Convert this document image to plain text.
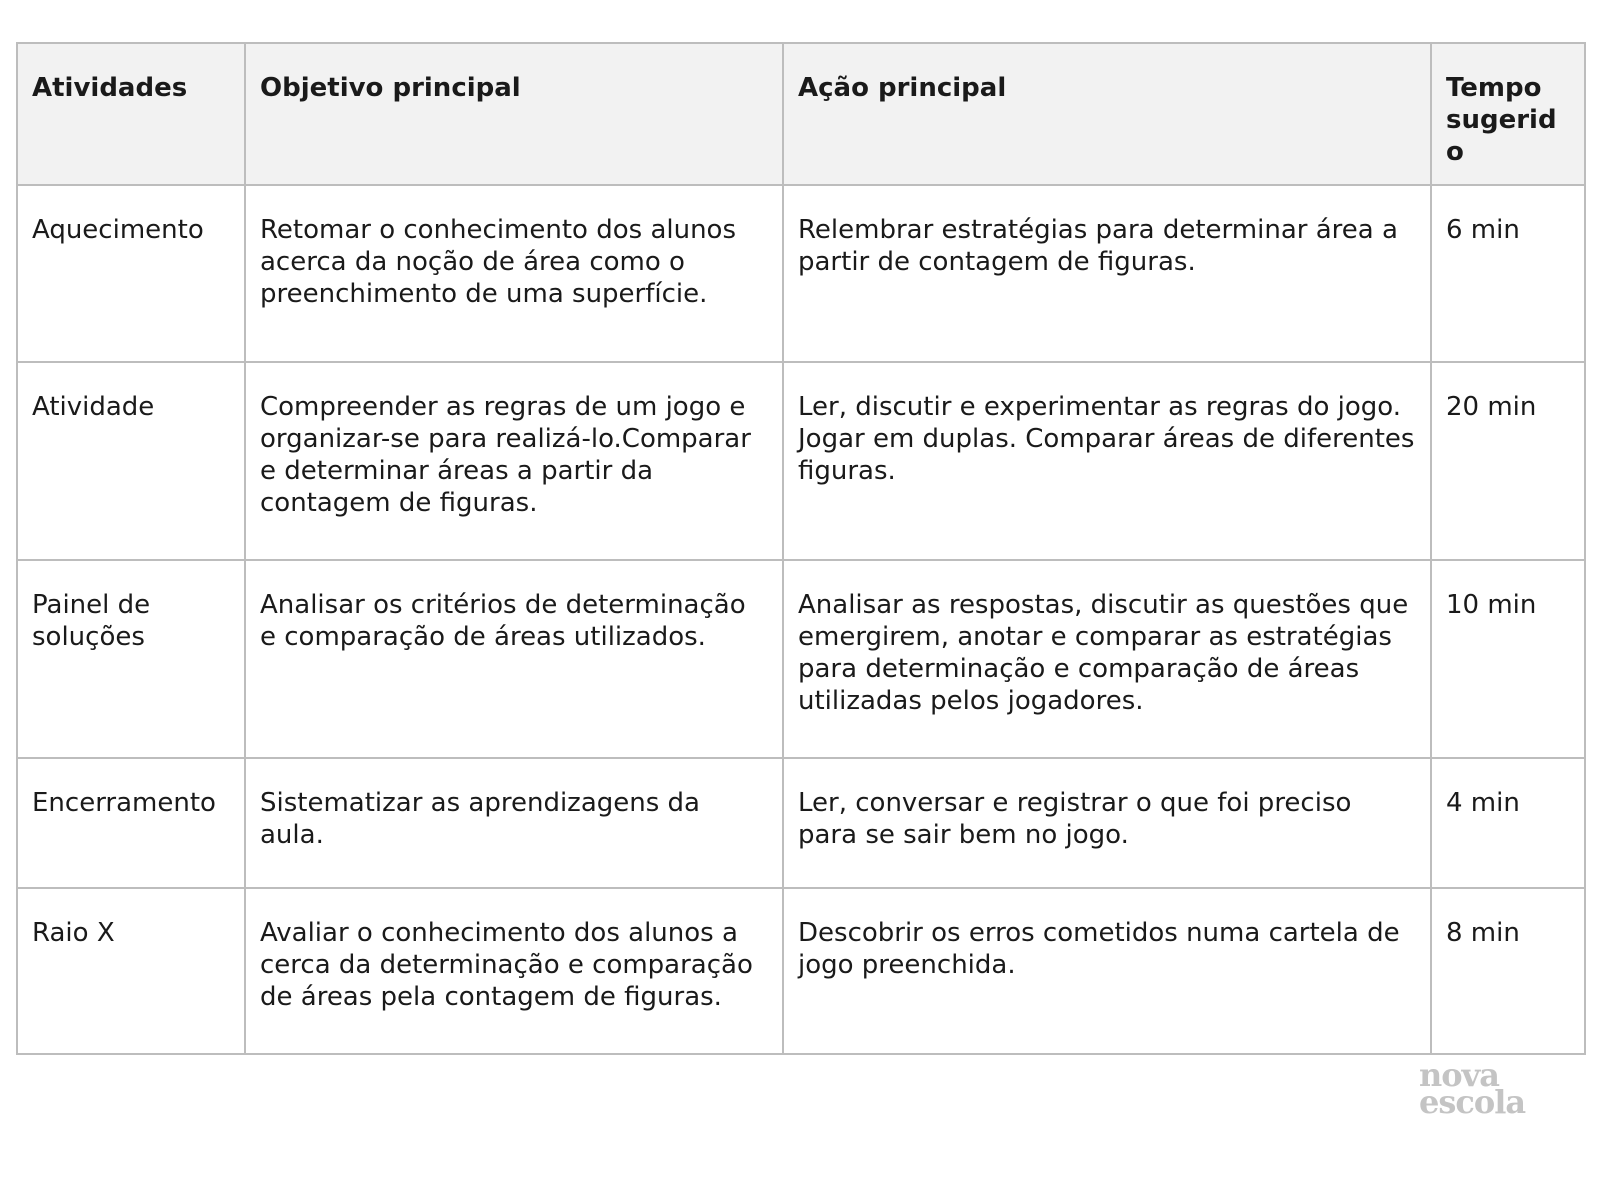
Atividades	Objetivo principal	Ação principal	Tempo sugerido
Aquecimento	Retomar o conhecimento dos alunos acerca da noção de área como o preenchimento de uma superfície.	Relembrar estratégias para determinar área a partir de contagem de figuras.	6 min
Atividade	Compreender as regras de um jogo e organizar-se para realizá-lo.Comparar e determinar áreas a partir da contagem de figuras.	Ler, discutir e experimentar as regras do jogo. Jogar em duplas. Comparar áreas de diferentes figuras.	20 min
Painel de soluções	Analisar os critérios de determinação e comparação de áreas utilizados.	Analisar as respostas, discutir as questões que emergirem, anotar e comparar as estratégias para determinação e comparação de áreas utilizadas pelos jogadores.	10 min
Encerramento	Sistematizar as aprendizagens da aula.	Ler, conversar e registrar o que foi preciso para se sair bem no jogo.	4 min
Raio X	Avaliar o conhecimento dos alunos a cerca da determinação e comparação de áreas pela contagem de figuras.	Descobrir os erros cometidos numa cartela de jogo preenchida.	8 min
nova
escola
